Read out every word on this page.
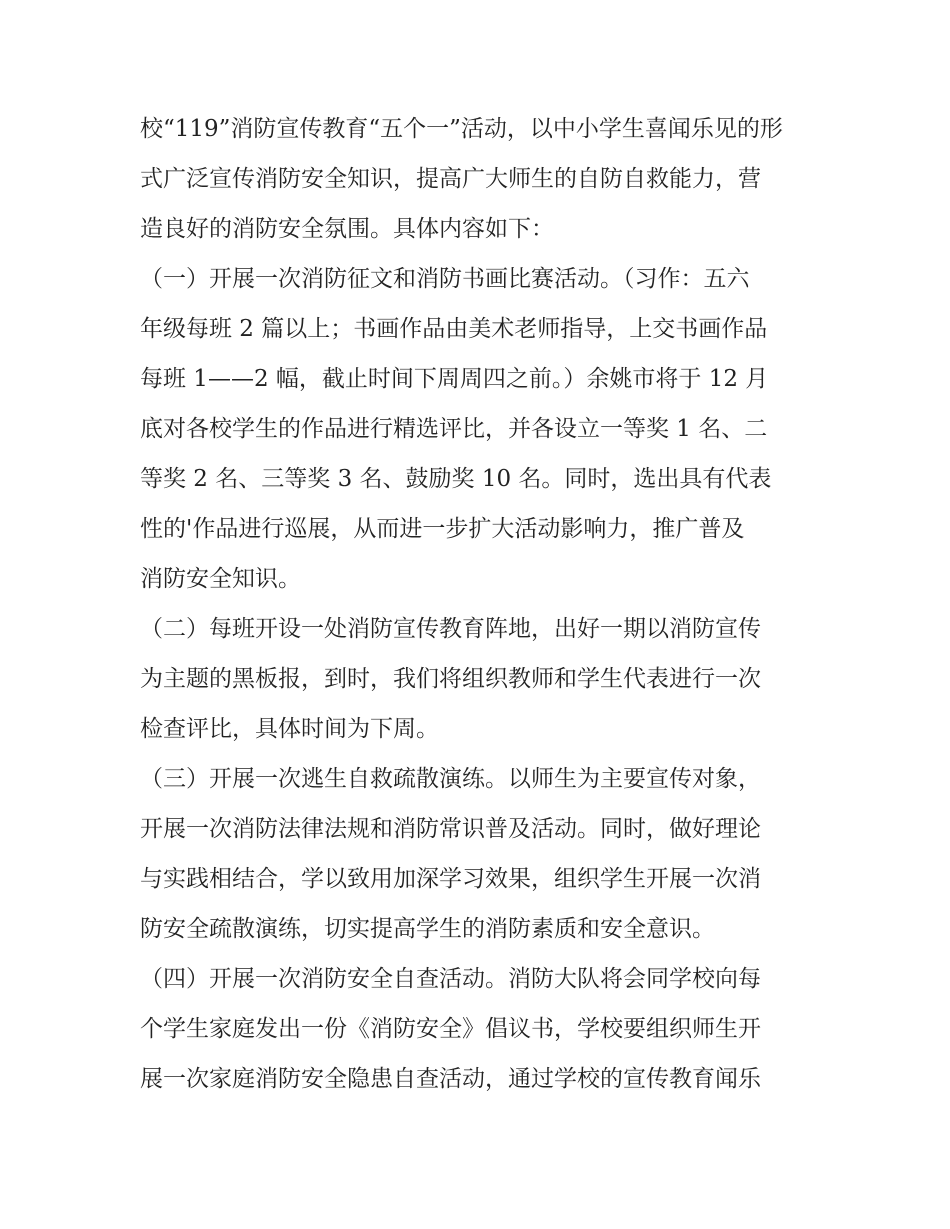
校“119”消防宣传教育“五个一”活动，以中小学生喜闻乐见的形
式广泛宣传消防安全知识，提高广大师生的自防自救能力，营
造良好的消防安全氛围。具体内容如下：
（一）开展一次消防征文和消防书画比赛活动。（习作：五六
年级每班 2 篇以上；书画作品由美术老师指导，上交书画作品
每班 1——2 幅，截止时间下周周四之前。）余姚市将于 12 月
底对各校学生的作品进行精选评比，并各设立一等奖 1 名、二
等奖 2 名、三等奖 3 名、鼓励奖 10 名。同时，选出具有代表
性的'作品进行巡展，从而进一步扩大活动影响力，推广普及
消防安全知识。
（二）每班开设一处消防宣传教育阵地，出好一期以消防宣传
为主题的黑板报，到时，我们将组织教师和学生代表进行一次
检查评比，具体时间为下周。
（三）开展一次逃生自救疏散演练。以师生为主要宣传对象，
开展一次消防法律法规和消防常识普及活动。同时，做好理论
与实践相结合，学以致用加深学习效果，组织学生开展一次消
防安全疏散演练，切实提高学生的消防素质和安全意识。
（四）开展一次消防安全自查活动。消防大队将会同学校向每
个学生家庭发出一份《消防安全》倡议书，学校要组织师生开
展一次家庭消防安全隐患自查活动，通过学校的宣传教育闻乐
